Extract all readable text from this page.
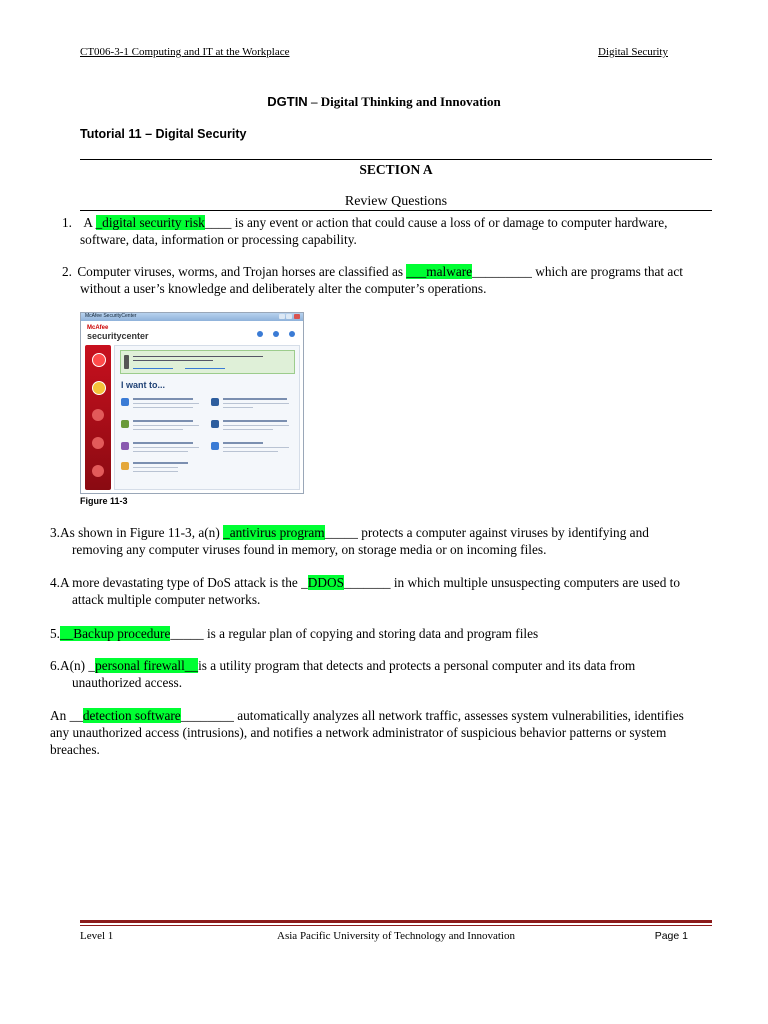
CT006-3-1 Computing and IT at the Workplace	Digital Security
DGTIN – Digital Thinking and Innovation
Tutorial 11 – Digital Security
SECTION A
Review Questions
1. A _digital security risk____ is any event or action that could cause a loss of or damage to computer hardware,
software, data, information or processing capability.
2. Computer viruses, worms, and Trojan horses are classified as ___malware_________ which are programs that act
without a user’s knowledge and deliberately alter the computer’s operations.
McAfee SecurityCenter
McAfee
securitycenter
I want to...
Figure 11-3
3.As shown in Figure 11-3, a(n) _antivirus program_____ protects a computer against viruses by identifying and
removing any computer viruses found in memory, on storage media or on incoming files.
4.A more devastating type of DoS attack is the _DDOS_______ in which multiple unsuspecting computers are used to
attack multiple computer networks.
5.__Backup procedure_____ is a regular plan of copying and storing data and program files
6.A(n) _personal firewall__is a utility program that detects and protects a personal computer and its data from
unauthorized access.
An __detection software________ automatically analyzes all network traffic, assesses system vulnerabilities, identifies
any unauthorized access (intrusions), and notifies a network administrator of suspicious behavior patterns or system
breaches.
Level 1	Asia Pacific University of Technology and Innovation	Page 1
